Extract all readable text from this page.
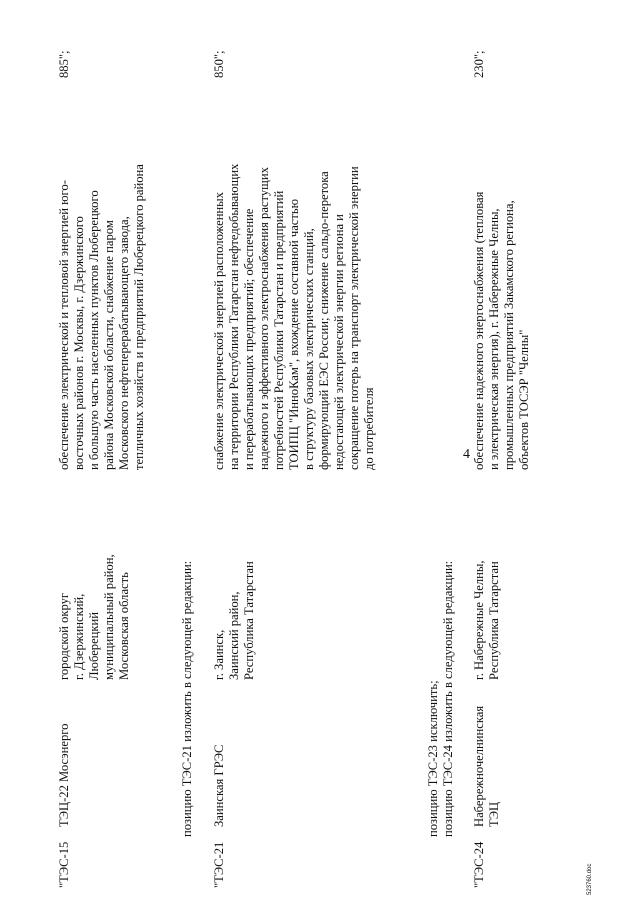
4
"ТЭС-15
ТЭЦ-22 Мосэнерго
городской округ г. Дзержинский, Люберецкий муниципальный район, Московская область
обеспечение электрической и тепловой энергией юго- восточных районов г. Москвы, г. Дзержинского и большую часть населенных пунктов Люберецкого района Московской области, снабжение паром Московского нефтеперерабатывающего завода, тепличных хозяйств и предприятий Люберецкого района
885";
позицию ТЭС-21 изложить в следующей редакции:
"ТЭС-21
Заинская ГРЭС
г. Заинск, Заинский район, Республика Татарстан
снабжение электрической энергией расположенных на территории Республики Татарстан нефтедобывающих и перерабатывающих предприятий; обеспечение надежного и эффективного электроснабжения растущих потребностей Республики Татарстан и предприятий ТОИПЦ "ИнноКам", вхождение составной частью в структуру базовых электрических станций, формирующий ЕЭС России; снижение сальдо-перетока недостающей электрической энергии региона и сокращение потерь на транспорт электрической энергии до потребителя
850";
позицию ТЭС-23 исключить; позицию ТЭС-24 изложить в следующей редакции:
"ТЭС-24
Набережночелнинская ТЭЦ
г. Набережные Челны, Республика Татарстан
обеспечение надежного энергоснабжения (тепловая и электрическая энергия), г. Набережные Челны, промышленных предприятий Закамского региона, объектов ТОСЭР "Челны"
230";
523760.doc
